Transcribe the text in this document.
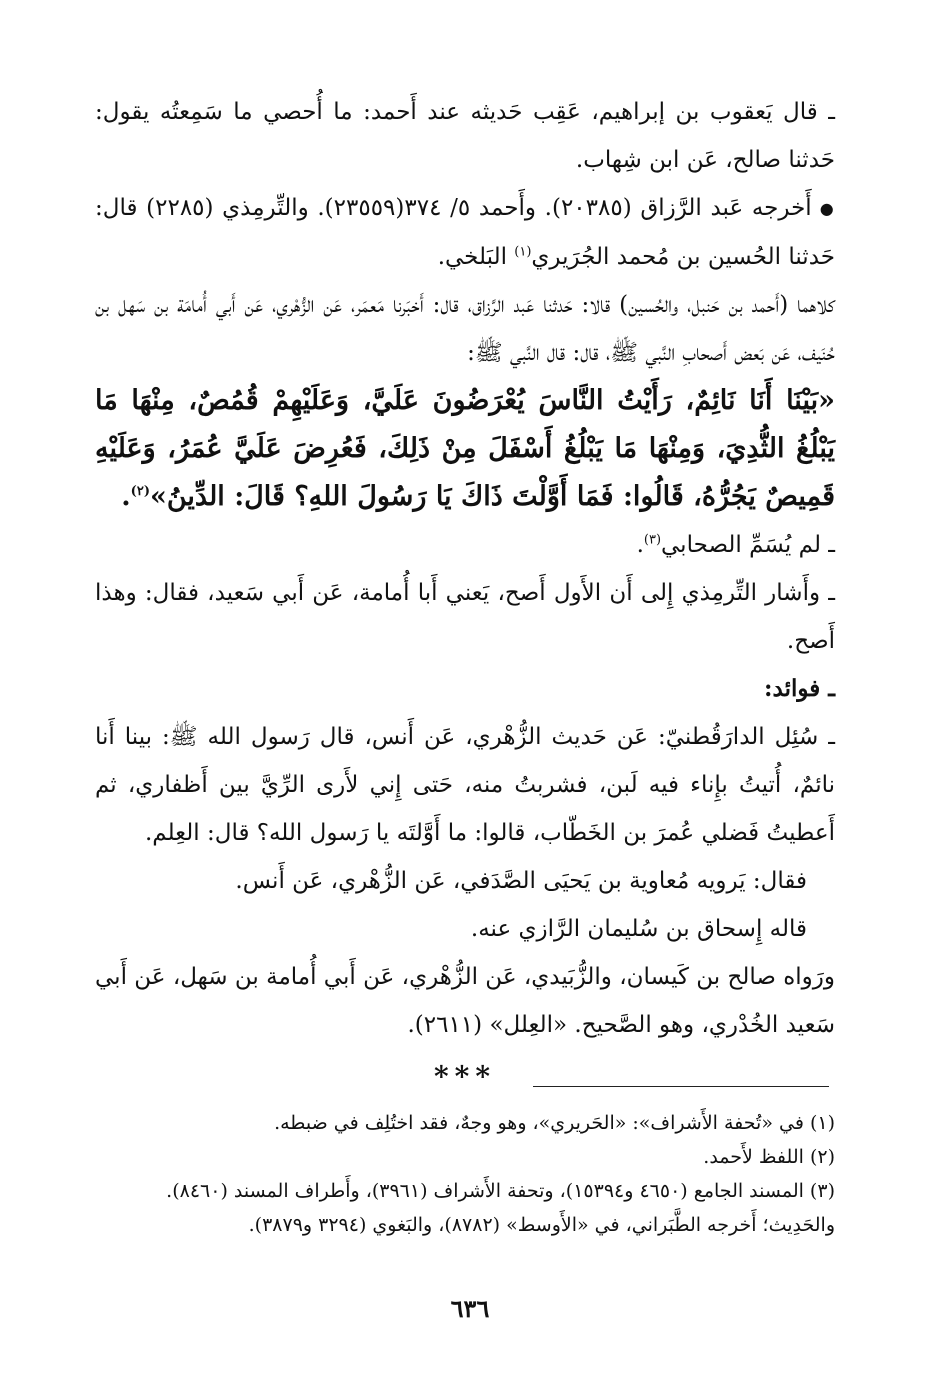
ـ قال يَعقوب بن إبراهيم، عَقِب حَديثه عند أَحمد: ما أُحصي ما سَمِعتُه يقول: حَدثنا صالح، عَن ابن شِهاب.

●أَخرجه عَبد الرَّزاق (٢٠٣٨٥). وأَحمد ٥/ ٣٧٤(٢٣٥٥٩). والتِّرمِذي (٢٢٨٥) قال: حَدثنا الحُسين بن مُحمد الجُرَيري$^{(١)}$ البَلخي.

كلاهما (أَحمد بن حَنبل، والحُسين) قالا: حَدثنا عَبد الرَّزاق، قال: أَخبَرنا مَعمَر، عَن الزُّهْري، عَن أَبي أُمامَة بن سَهل بن حُنَيف، عَن بَعض أَصحابِ النَّبي ﷺ، قال: قال النَّبي ﷺ:

«بَيْنَا أَنَا نَائِمٌ، رَأَيْتُ النَّاسَ يُعْرَضُونَ عَلَيَّ، وَعَلَيْهِمْ قُمُصٌ، مِنْهَا مَا يَبْلُغُ الثُّدِيَ، وَمِنْهَا مَا يَبْلُغُ أَسْفَلَ مِنْ ذَلِكَ، فَعُرِضَ عَلَيَّ عُمَرُ، وَعَلَيْهِ قَمِيصٌ يَجُرُّهُ، قَالُوا: فَمَا أَوَّلْتَ ذَاكَ يَا رَسُولَ اللهِ؟ قَالَ: الدِّينُ»$^{(٢)}$.

ـ لم يُسَمِّ الصحابي$^{(٣)}$.

ـ وأَشار التِّرمِذي إِلى أَن الأَول أَصح، يَعني أَبا أُمامة، عَن أَبي سَعيد، فقال: وهذا أَصح.

ـ فوائد:

ـ سُئِل الدارَقُطنيّ: عَن حَديث الزُّهْري، عَن أَنس، قال رَسول الله ﷺ: بينا أَنا نائمٌ، أُتيتُ بإِناء فيه لَبن، فشربتُ منه، حَتى إِني لأَرى الرِّيَّ بين أَظفاري، ثم أَعطيتُ فَضلي عُمرَ بن الخَطّاب، قالوا: ما أَوَّلتَه يا رَسول الله؟ قال: العِلم.

فقال: يَرويه مُعاوية بن يَحيَى الصَّدَفي، عَن الزُّهْري، عَن أَنس.

قاله إِسحاق بن سُليمان الرَّازي عنه.

ورَواه صالح بن كَيسان، والزُّبَيدي، عَن الزُّهْري، عَن أَبي أُمامة بن سَهل، عَن أَبي سَعيد الخُدْري، وهو الصَّحيح. «العِلل» (٢٦١١).

***

(١) في «تُحفة الأَشراف»: «الحَريري»، وهو وجهٌ، فقد اختُلِف في ضبطه.

(٢) اللفظ لأَحمد.

(٣) المسند الجامع (٤٦٥٠ و١٥٣٩٤)، وتحفة الأَشراف (٣٩٦١)، وأَطراف المسند (٨٤٦٠). والحَدِيث؛ أَخرجه الطَّبَراني، في «الأَوسط» (٨٧٨٢)، والبَغوي (٣٢٩٤ و٣٨٧٩).

٦٣٦
